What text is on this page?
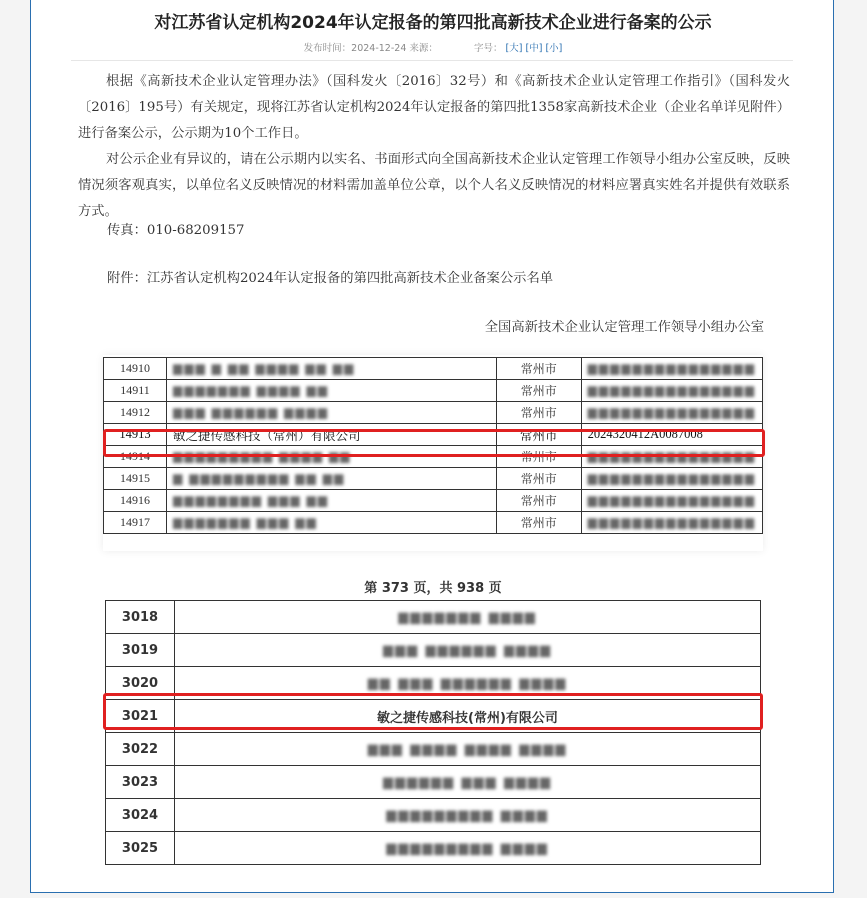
对江苏省认定机构2024年认定报备的第四批高新技术企业进行备案的公示
发布时间：2024-12-24 来源：	字号： [大] [中] [小]
根据《高新技术企业认定管理办法》（国科发火〔2016〕32号）和《高新技术企业认定管理工作指引》（国科发火〔2016〕195号）有关规定，现将江苏省认定机构2024年认定报备的第四批1358家高新技术企业（企业名单详见附件）进行备案公示，公示期为10个工作日。
对公示企业有异议的，请在公示期内以实名、书面形式向全国高新技术企业认定管理工作领导小组办公室反映，反映情况须客观真实，以单位名义反映情况的材料需加盖单位公章，以个人名义反映情况的材料应署真实姓名并提供有效联系方式。
传真：010-68209157
附件：江苏省认定机构2024年认定报备的第四批高新技术企业备案公示名单
全国高新技术企业认定管理工作领导小组办公室
14910	▆▆▆ ▆ ▆▆ ▆▆▆▆ ▆▆ ▆▆	常州市	▆▆▆▆▆▆▆▆▆▆▆▆▆▆▆
14911	▆▆▆▆▆▆▆ ▆▆▆▆ ▆▆	常州市	▆▆▆▆▆▆▆▆▆▆▆▆▆▆▆
14912	▆▆▆ ▆▆▆▆▆▆ ▆▆▆▆	常州市	▆▆▆▆▆▆▆▆▆▆▆▆▆▆▆
14913	敏之捷传感科技（常州）有限公司	常州市	2024320412A0087008
14914	▆▆▆▆▆▆▆▆▆ ▆▆▆▆ ▆▆	常州市	▆▆▆▆▆▆▆▆▆▆▆▆▆▆▆
14915	▆ ▆▆▆▆▆▆▆▆▆ ▆▆ ▆▆	常州市	▆▆▆▆▆▆▆▆▆▆▆▆▆▆▆
14916	▆▆▆▆▆▆▆▆ ▆▆▆ ▆▆	常州市	▆▆▆▆▆▆▆▆▆▆▆▆▆▆▆
14917	▆▆▆▆▆▆▆ ▆▆▆ ▆▆	常州市	▆▆▆▆▆▆▆▆▆▆▆▆▆▆▆
第 373 页，共 938 页
3018	▆▆▆▆▆▆▆ ▆▆▆▆
3019	▆▆▆ ▆▆▆▆▆▆ ▆▆▆▆
3020	▆▆ ▆▆▆ ▆▆▆▆▆▆ ▆▆▆▆
3021	敏之捷传感科技(常州)有限公司
3022	▆▆▆ ▆▆▆▆ ▆▆▆▆ ▆▆▆▆
3023	▆▆▆▆▆▆ ▆▆▆ ▆▆▆▆
3024	▆▆▆▆▆▆▆▆▆ ▆▆▆▆
3025	▆▆▆▆▆▆▆▆▆ ▆▆▆▆
